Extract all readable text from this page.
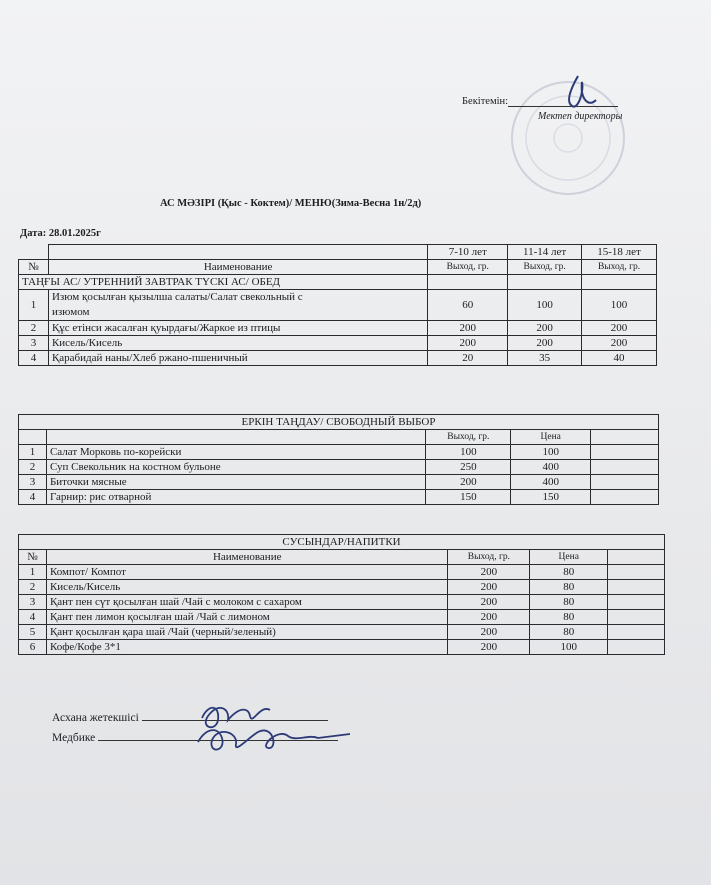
Бекітемін:
Мектеп директоры
АС МӘЗІРІ (Қыс - Коктем)/ МЕНЮ(Зима-Весна 1н/2д)
Дата: 28.01.2025г
		7-10 лет	11-14 лет	15-18 лет
№	Наименование	Выход, гр.	Выход, гр.	Выход, гр.
ТАҢҒЫ АС/ УТРЕННИЙ ЗАВТРАК ТҮСКІ АС/ ОБЕД				
1	Изюм қосылған қызылша салаты/Салат свекольный с
изюмом	60	100	100
2	Құс етінси жасалған қуырдағы/Жаркое из птицы	200	200	200
3	Кисель/Кисель	200	200	200
4	Қарабидай наны/Хлеб ржано-пшеничный	20	35	40

ЕРКІН ТАҢДАУ/ СВОБОДНЫЙ ВЫБОР				
		Выход, гр.	Цена	
1	Салат Морковь по-корейски	100	100	
2	Суп Свекольник на костном бульоне	250	400	
3	Биточки мясные	200	400	
4	Гарнир: рис отварной	150	150	
СУСЫНДАР/НАПИТКИ				
№	Наименование	Выход, гр.	Цена	
1	Компот/ Компот	200	80	
2	Кисель/Кисель	200	80	
3	Қант пен сүт қосылған шай /Чай с молоком с сахаром	200	80	
4	Қант пен лимон қосылған шай /Чай с лимоном	200	80	
5	Қант қосылған қара шай /Чай (черный/зеленый)	200	80	
6	Кофе/Кофе 3*1	200	100	
Асхана жетекшісі
Медбике
